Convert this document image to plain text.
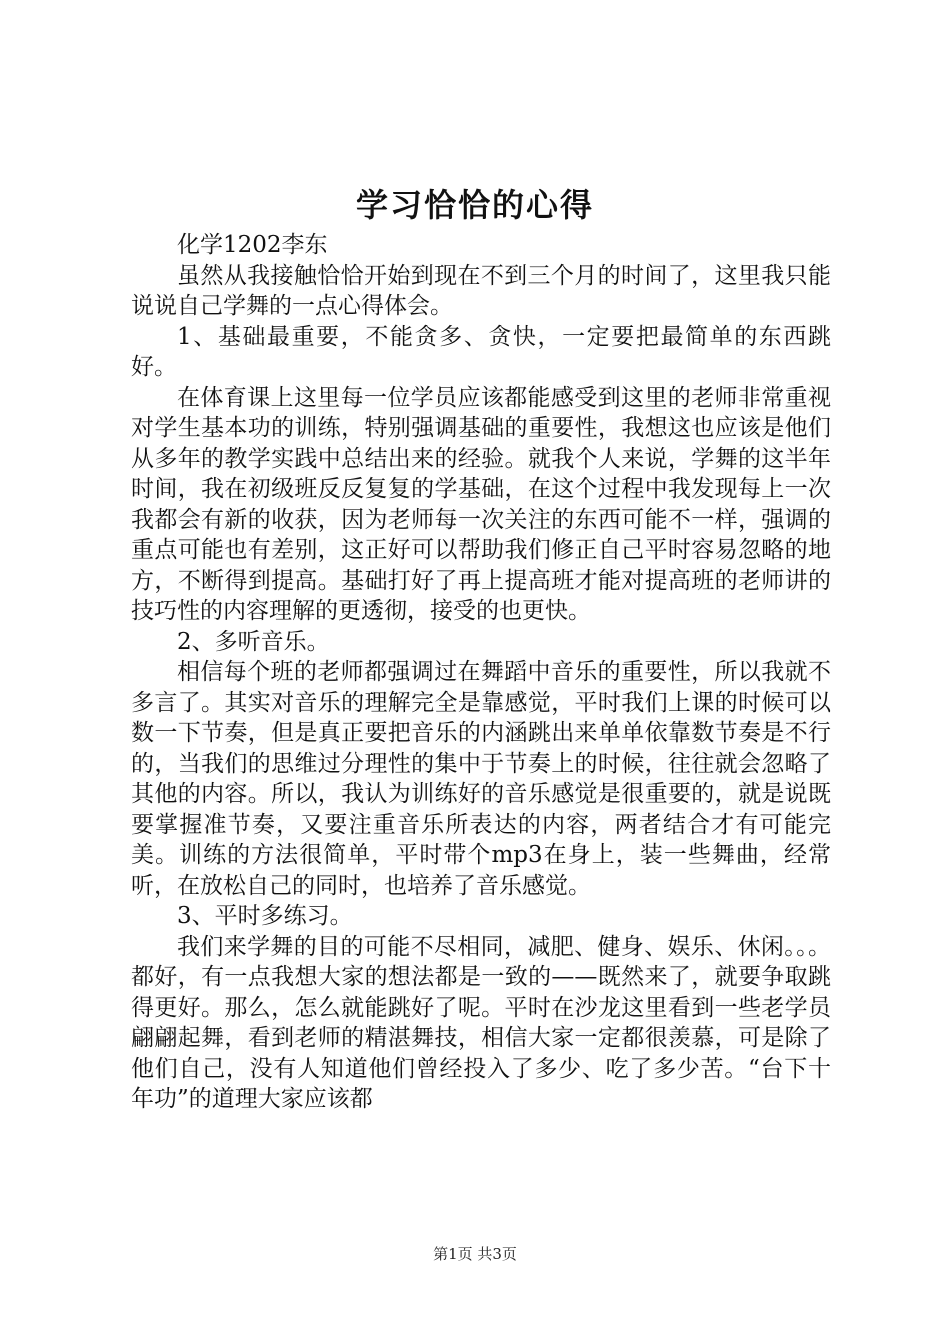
学习恰恰的心得

化学1202李东

虽然从我接触恰恰开始到现在不到三个月的时间了，这里我只能说说自己学舞的一点心得体会。

1、基础最重要，不能贪多、贪快，一定要把最简单的东西跳好。

在体育课上这里每一位学员应该都能感受到这里的老师非常重视对学生基本功的训练，特别强调基础的重要性，我想这也应该是他们从多年的教学实践中总结出来的经验。就我个人来说，学舞的这半年时间，我在初级班反反复复的学基础，在这个过程中我发现每上一次我都会有新的收获，因为老师每一次关注的东西可能不一样，强调的重点可能也有差别，这正好可以帮助我们修正自己平时容易忽略的地方，不断得到提高。基础打好了再上提高班才能对提高班的老师讲的技巧性的内容理解的更透彻，接受的也更快。

2、多听音乐。

相信每个班的老师都强调过在舞蹈中音乐的重要性，所以我就不多言了。其实对音乐的理解完全是靠感觉，平时我们上课的时候可以数一下节奏，但是真正要把音乐的内涵跳出来单单依靠数节奏是不行的，当我们的思维过分理性的集中于节奏上的时候，往往就会忽略了其他的内容。所以，我认为训练好的音乐感觉是很重要的，就是说既要掌握准节奏，又要注重音乐所表达的内容，两者结合才有可能完美。训练的方法很简单，平时带个mp3在身上，装一些舞曲，经常听，在放松自己的同时，也培养了音乐感觉。

3、平时多练习。

我们来学舞的目的可能不尽相同，减肥、健身、娱乐、休闲。。。都好，有一点我想大家的想法都是一致的——既然来了，就要争取跳得更好。那么，怎么就能跳好了呢。平时在沙龙这里看到一些老学员翩翩起舞，看到老师的精湛舞技，相信大家一定都很羡慕，可是除了他们自己，没有人知道他们曾经投入了多少、吃了多少苦。“台下十年功”的道理大家应该都

第1页 共3页
